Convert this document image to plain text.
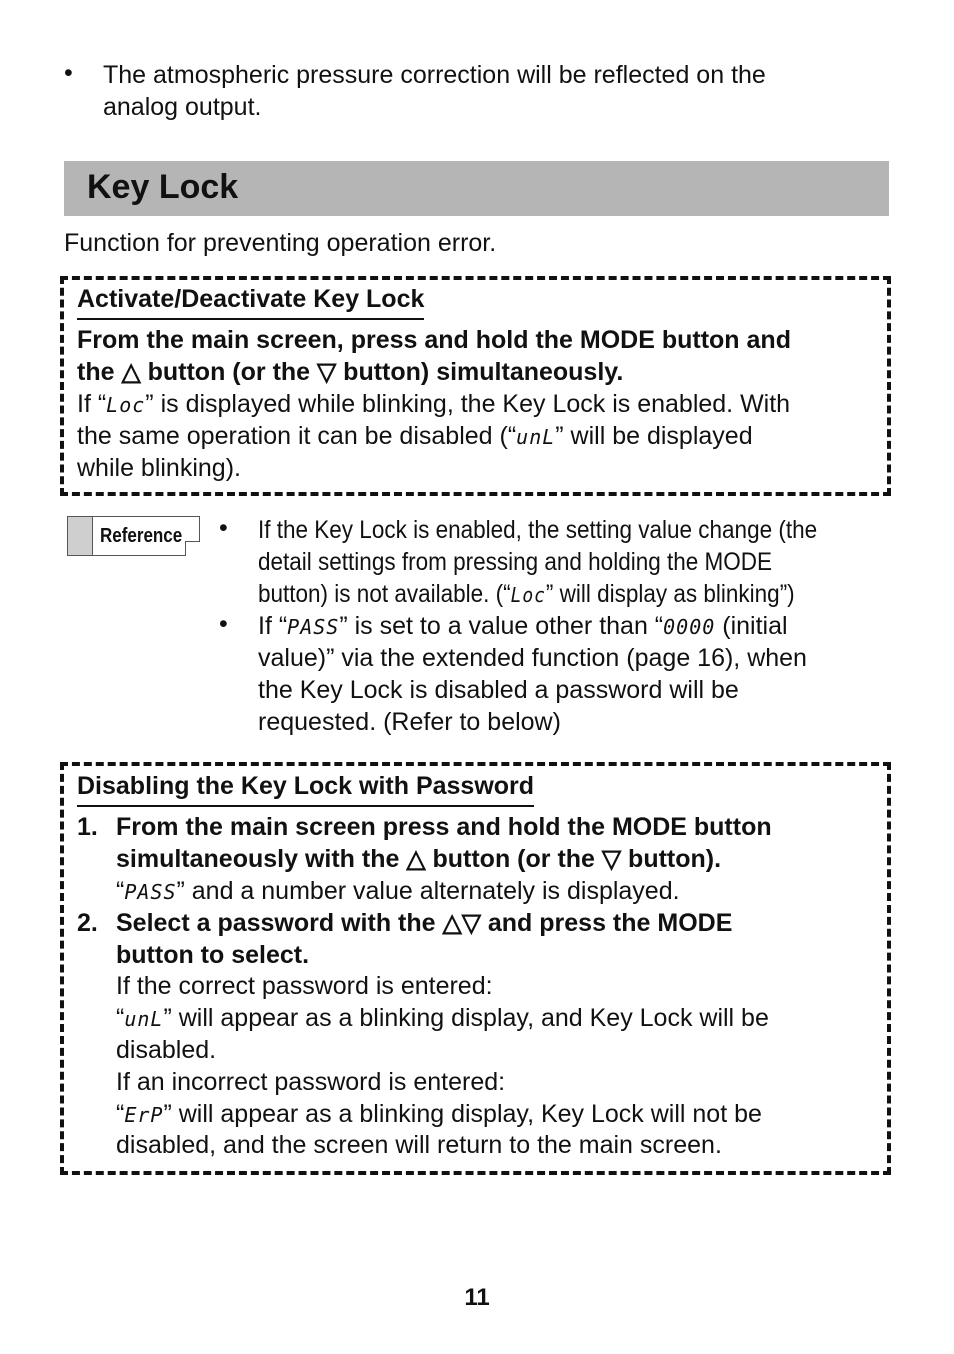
• The atmospheric pressure correction will be reflected on the
analog output.
Key Lock
Function for preventing operation error.
Activate/Deactivate Key Lock
From the main screen, press and hold the MODE button and
the △ button (or the ▽ button) simultaneously.
If “Loc” is displayed while blinking, the Key Lock is enabled. With
the same operation it can be disabled (“unL” will be displayed
while blinking).
Reference • If the Key Lock is enabled, the setting value change (the
detail settings from pressing and holding the MODE
button) is not available. (“Loc” will display as blinking”)
• If “PASS” is set to a value other than “0000 (initial
value)” via the extended function (page 16), when
the Key Lock is disabled a password will be
requested. (Refer to below)
Disabling the Key Lock with Password
1. From the main screen press and hold the MODE button
simultaneously with the △ button (or the ▽ button).
“PASS” and a number value alternately is displayed.
2. Select a password with the △▽ and press the MODE
button to select.
If the correct password is entered:
“unL” will appear as a blinking display, and Key Lock will be
disabled.
If an incorrect password is entered:
“ErP” will appear as a blinking display, Key Lock will not be
disabled, and the screen will return to the main screen.
11
